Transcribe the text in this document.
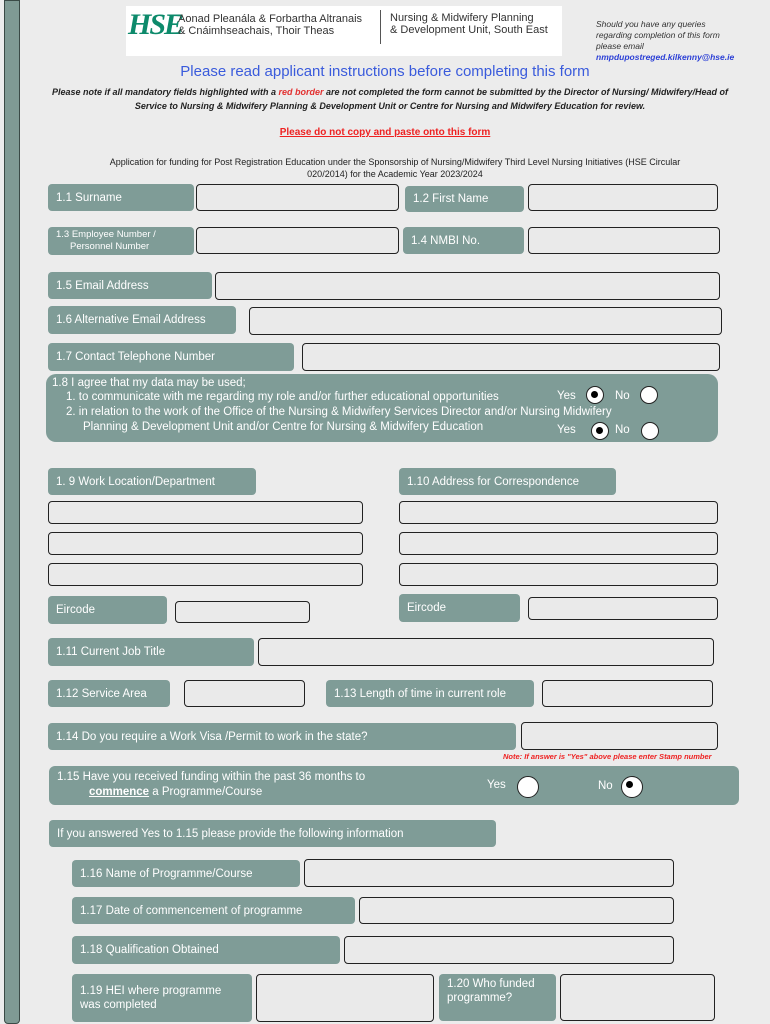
HSE
Aonad Pleanála & Forbartha Altranais
& Cnáimhseachais, Thoir Theas
Nursing & Midwifery Planning
& Development Unit, South East	Should you have any queries
regarding completion of this form
please email
nmpdupostreged.kilkenny@hse.ie
Please read applicant instructions before completing this form
Please note if all mandatory fields highlighted with a red border are not completed the form cannot be submitted by the Director of Nursing/ Midwifery/Head of Service to Nursing & Midwifery Planning & Development Unit or Centre for Nursing and Midwifery Education for review.
Please do not copy and paste onto this form
Application for funding for Post Registration Education under the Sponsorship of Nursing/Midwifery Third Level Nursing Initiatives (HSE Circular
020/2014) for the Academic Year 2023/2024
1.1 Surname	1.2 First Name
1.3 Employee Number /
Personnel Number	1.4 NMBI No.
1.5 Email Address
1.6 Alternative Email Address
1.7 Contact Telephone Number
1.8 I agree that my data may be used;
1. to communicate with me regarding my role and/or further educational opportunities
2. in relation to the work of the Office of the Nursing & Midwifery Services Director and/or Nursing Midwifery
Planning & Development Unit and/or Centre for Nursing & Midwifery Education
Yes	No
Yes	No
1. 9 Work Location/Department	1.10 Address for Correspondence
Eircode	Eircode
1.11 Current Job Title
1.12 Service Area	1.13 Length of time in current role
1.14 Do you require a Work Visa /Permit to work in the state?
Note: If answer is "Yes" above please enter Stamp number
1.15 Have you received funding within the past 36 months to
commence a Programme/Course
Yes	No
If you answered Yes to 1.15 please provide the following information
1.16 Name of Programme/Course
1.17 Date of commencement of programme
1.18 Qualification Obtained
1.19 HEI where programme
was completed
1.20 Who funded
programme?
